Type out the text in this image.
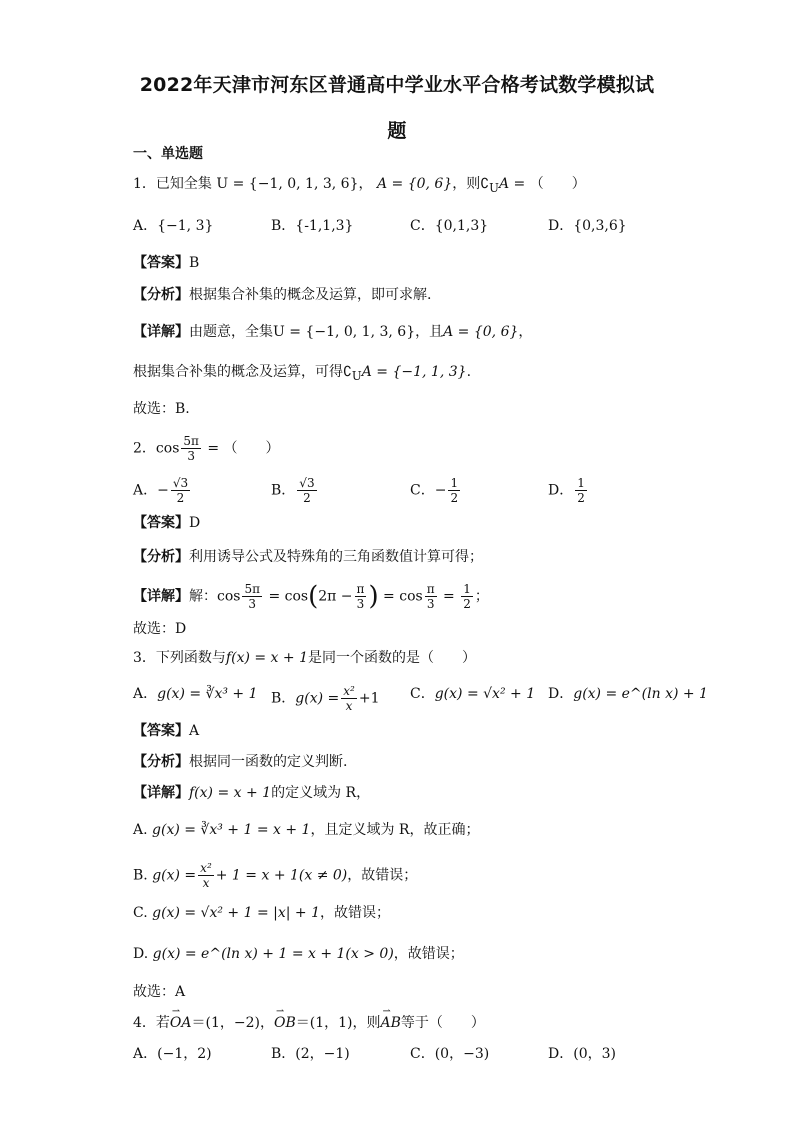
2022年天津市河东区普通高中学业水平合格考试数学模拟试
题
一、单选题
1．已知全集 U = {−1, 0, 1, 3, 6}， A = {0, 6}，则$∁_UA$ = （　　）
A．{−1, 3}	B．{-1,1,3}	C．{0,1,3}	D．{0,3,6}
【答案】B
【分析】根据集合补集的概念及运算，即可求解.
【详解】由题意，全集U = {−1, 0, 1, 3, 6}，且A = {0, 6}，
根据集合补集的概念及运算，可得$∁_UA = \{-1$, 1, 3}.
故选：B.
2．$\cos \frac{5\pi}{3}$ = （　　）
A．− $\frac{√3}{2}$	B． $\frac{√3}{2}$	C．− $\frac{1}{2}$	D． $\frac{1}{2}$
【答案】D
【分析】利用诱导公式及特殊角的三角函数值计算可得；
【详解】解：$\cos \frac{5\pi}{3} = \cos(2\pi - \frac{\pi}{3}$ ) = $\cos \frac{\pi}{3} = \frac{1}{2}$ ；
故选：D
3．下列函数与f(x) = x + 1是同一个函数的是（　　）
A．g(x) = ∛x³ + 1 B．$g(x) = \frac{\text{x²}}{x} +1$ C．g(x) = √x² + 1 D．g(x) = e^(ln x) + 1
【答案】A
【分析】根据同一函数的定义判断.
【详解】f(x) = x + 1的定义域为 R，
A. g(x) = ∛x³ + 1 = x + 1，且定义域为 R，故正确；
B. $g(x) = \frac{\text{x²}}{x} + 1 = x + 1(x \ne 0)$，故错误；
C. g(x) = √x² + 1 = |x| + 1，故错误；
D. g(x) = e^(ln x) + 1 = x + 1(x > 0)，故错误；
故选：A
4．若⇀ OA＝(1，−2)，⇀ OB＝(1，1)，则⇀ AB等于（　　）
A．(−1，2)	B．(2，−1)	C．(0，−3)	D．(0，3)
